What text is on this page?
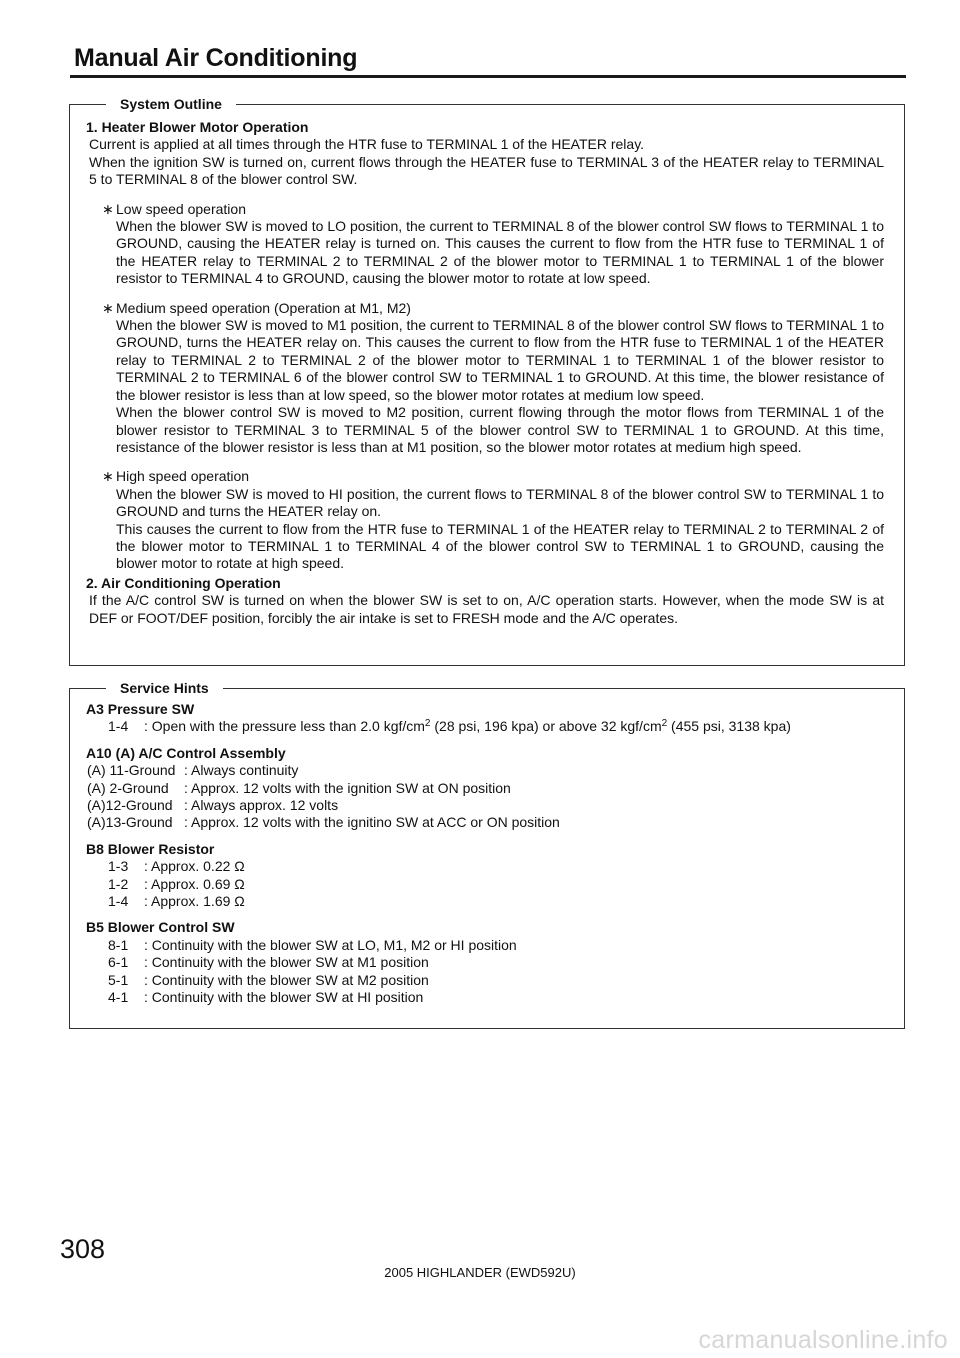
Manual Air Conditioning
System Outline
1. Heater Blower Motor Operation
Current is applied at all times through the HTR fuse to TERMINAL 1 of the HEATER relay.
When the ignition SW is turned on, current flows through the HEATER fuse to TERMINAL 3 of the HEATER relay to TERMINAL 5 to TERMINAL 8 of the blower control SW.
∗ Low speed operation
When the blower SW is moved to LO position, the current to TERMINAL 8 of the blower control SW flows to TERMINAL 1 to GROUND, causing the HEATER relay is turned on. This causes the current to flow from the HTR fuse to TERMINAL 1 of the HEATER relay to TERMINAL 2 to TERMINAL 2 of the blower motor to TERMINAL 1 to TERMINAL 1 of the blower resistor to TERMINAL 4 to GROUND, causing the blower motor to rotate at low speed.
∗ Medium speed operation (Operation at M1, M2)
When the blower SW is moved to M1 position, the current to TERMINAL 8 of the blower control SW flows to TERMINAL 1 to GROUND, turns the HEATER relay on. This causes the current to flow from the HTR fuse to TERMINAL 1 of the HEATER relay to TERMINAL 2 to TERMINAL 2 of the blower motor to TERMINAL 1 to TERMINAL 1 of the blower resistor to TERMINAL 2 to TERMINAL 6 of the blower control SW to TERMINAL 1 to GROUND. At this time, the blower resistance of the blower resistor is less than at low speed, so the blower motor rotates at medium low speed.
When the blower control SW is moved to M2 position, current flowing through the motor flows from TERMINAL 1 of the blower resistor to TERMINAL 3 to TERMINAL 5 of the blower control SW to TERMINAL 1 to GROUND. At this time, resistance of the blower resistor is less than at M1 position, so the blower motor rotates at medium high speed.
∗ High speed operation
When the blower SW is moved to HI position, the current flows to TERMINAL 8 of the blower control SW to TERMINAL 1 to GROUND and turns the HEATER relay on.
This causes the current to flow from the HTR fuse to TERMINAL 1 of the HEATER relay to TERMINAL 2 to TERMINAL 2 of the blower motor to TERMINAL 1 to TERMINAL 4 of the blower control SW to TERMINAL 1 to GROUND, causing the blower motor to rotate at high speed.
2. Air Conditioning Operation
If the A/C control SW is turned on when the blower SW is set to on, A/C operation starts. However, when the mode SW is at DEF or FOOT/DEF position, forcibly the air intake is set to FRESH mode and the A/C operates.
Service Hints
A3 Pressure SW
1-4 : Open with the pressure less than 2.0 kgf/$cm^2$ (28 psi, 196 kpa) or above 32 kgf/$cm^2$ (455 psi, 3138 kpa)
A10 (A) A/C Control Assembly
(A) 11-Ground : Always continuity
(A) 2-Ground : Approx. 12 volts with the ignition SW at ON position
(A)12-Ground : Always approx. 12 volts
(A)13-Ground : Approx. 12 volts with the ignitino SW at ACC or ON position
B8 Blower Resistor
1-3 : Approx. 0.22 Ω
1-2 : Approx. 0.69 Ω
1-4 : Approx. 1.69 Ω
B5 Blower Control SW
8-1 : Continuity with the blower SW at LO, M1, M2 or HI position
6-1 : Continuity with the blower SW at M1 position
5-1 : Continuity with the blower SW at M2 position
4-1 : Continuity with the blower SW at HI position
308
2005 HIGHLANDER (EWD592U)
carmanualsonline.info
